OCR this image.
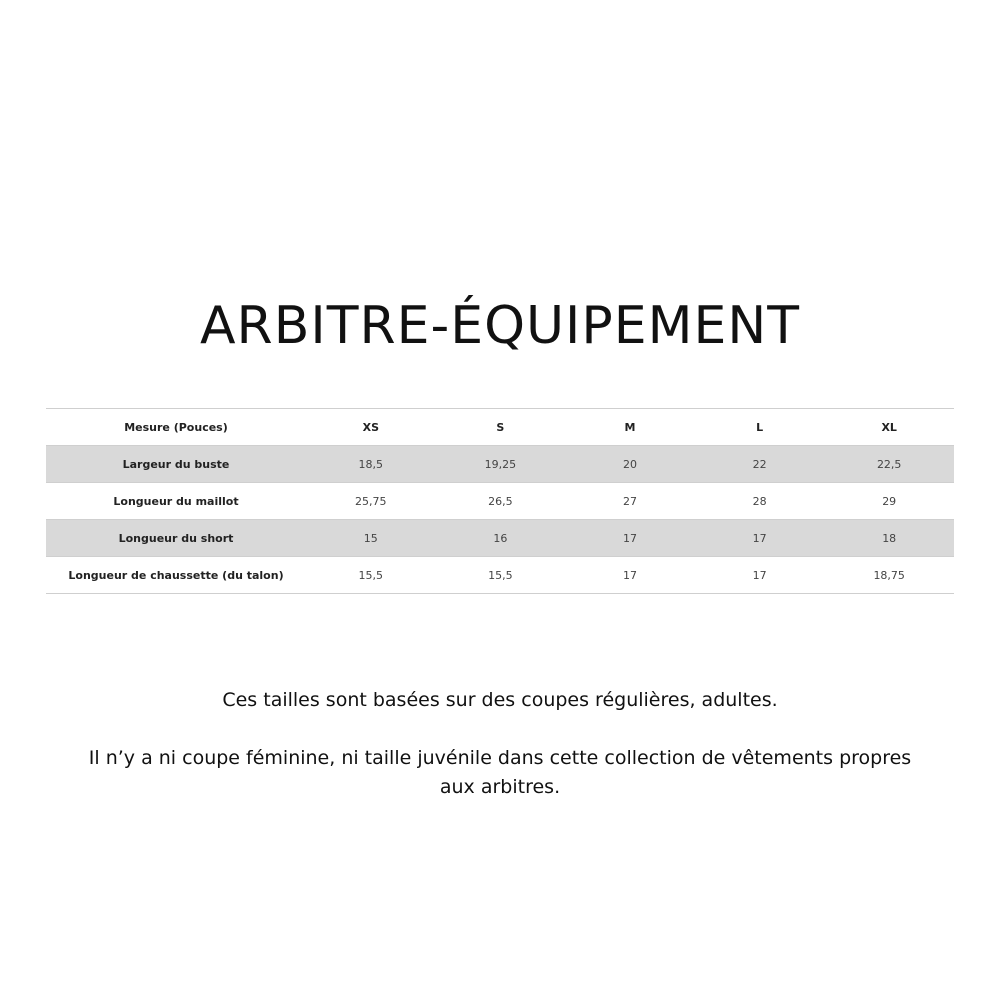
ARBITRE-ÉQUIPEMENT
Mesure (Pouces)	XS	S	M	L	XL
Largeur du buste	18,5	19,25	20	22	22,5
Longueur du maillot	25,75	26,5	27	28	29
Longueur du short	15	16	17	17	18
Longueur de chaussette (du talon)	15,5	15,5	17	17	18,75

Ces tailles sont basées sur des coupes régulières, adultes.

Il n’y a ni coupe féminine, ni taille juvénile dans cette collection de vêtements propres aux arbitres.
